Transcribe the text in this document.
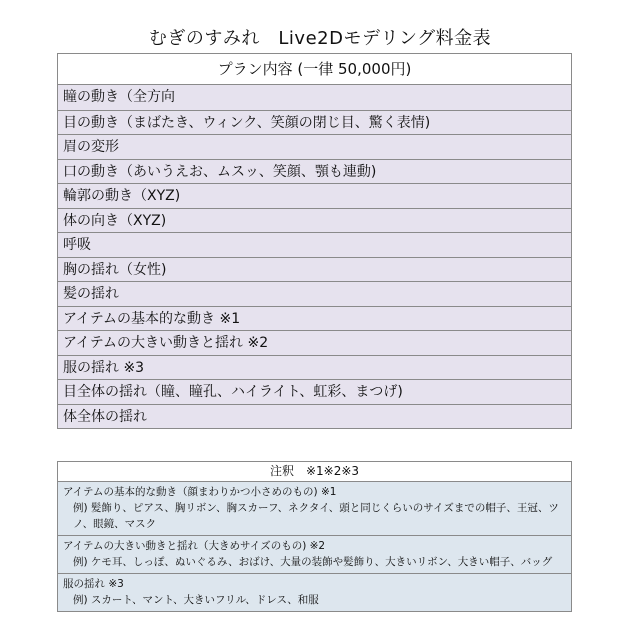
むぎのすみれ　Live2Dモデリング料金表
プラン内容 (一律 50,000円)
瞳の動き（全方向
目の動き（まばたき、ウィンク、笑顔の閉じ目、驚く表情)
眉の変形
口の動き（あいうえお、ムスッ、笑顔、顎も連動)
輪郭の動き（XYZ)
体の向き（XYZ)
呼吸
胸の揺れ（女性)
髪の揺れ
アイテムの基本的な動き ※1
アイテムの大きい動きと揺れ ※2
服の揺れ ※3
目全体の揺れ（瞳、瞳孔、ハイライト、虹彩、まつげ)
体全体の揺れ
注釈　※1※2※3
アイテムの基本的な動き（顔まわりかつ小さめのもの) ※1
例) 髪飾り、ピアス、胸リボン、胸スカーフ、ネクタイ、頭と同じくらいのサイズまでの帽子、王冠、ツノ、眼鏡、マスク
アイテムの大きい動きと揺れ（大きめサイズのもの) ※2
例) ケモ耳、しっぽ、ぬいぐるみ、おばけ、大量の装飾や髪飾り、大きいリボン、大きい帽子、バッグ
服の揺れ ※3
例) スカート、マント、大きいフリル、ドレス、和服
